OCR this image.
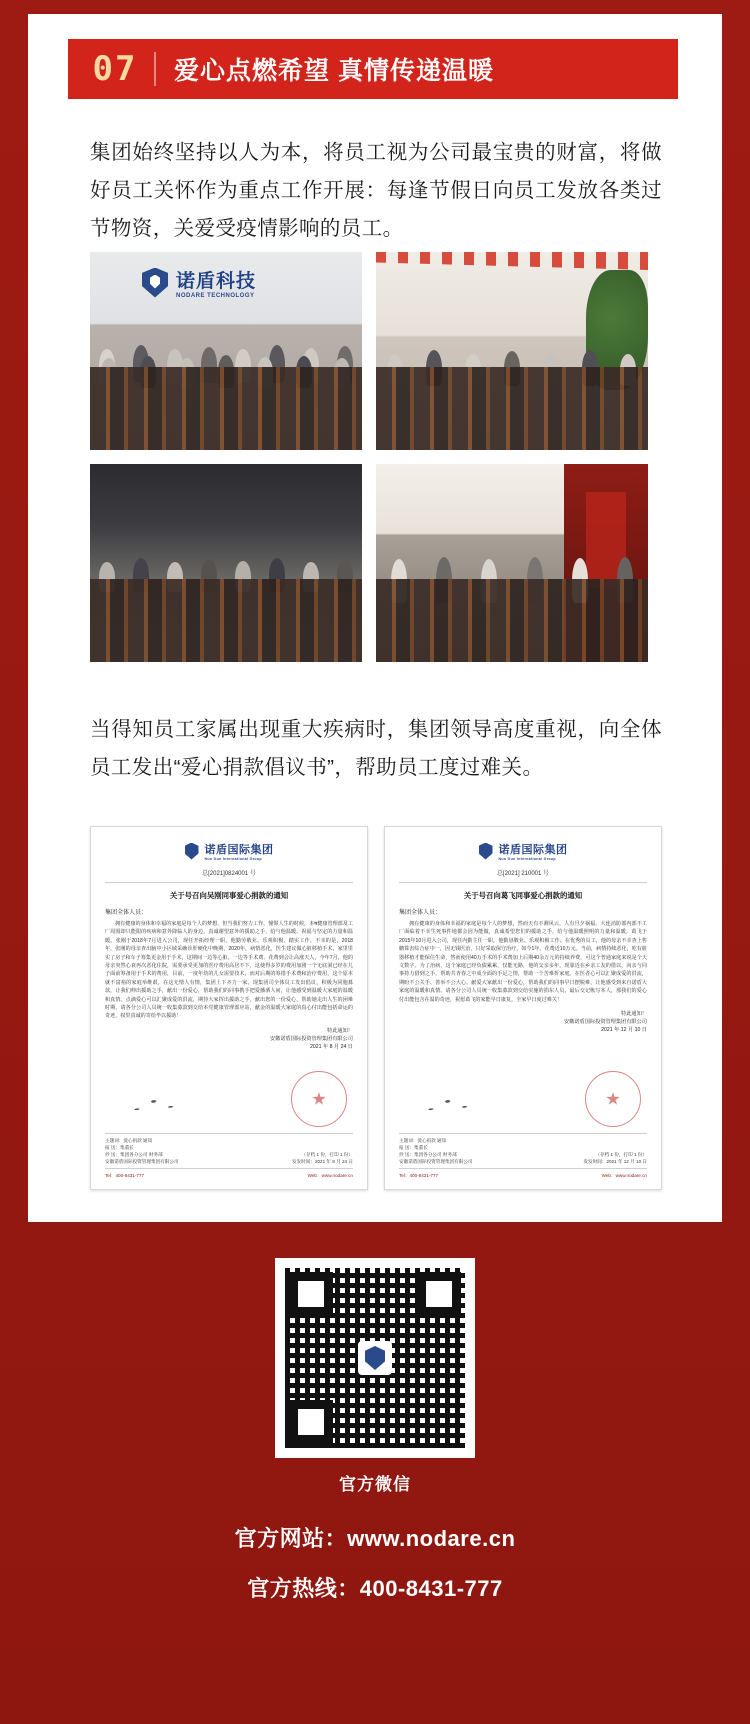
07	爱心点燃希望 真情传递温暖
集团始终坚持以人为本，将员工视为公司最宝贵的财富，将做好员工关怀作为重点工作开展：每逢节假日向员工发放各类过节物资，关爱受疫情影响的员工。
诺盾科技
NODARE TECHNOLOGY
当得知员工家属出现重大疾病时，集团领导高度重视，向全体员工发出“爱心捐款倡议书”，帮助员工度过难关。
诺盾国际集团
Nuo Dun International Group
总[2021]0824001 号
关于号召向吴刚同事爱心捐款的通知
集团全体人员：
拥有健康的身体和幸福的家庭是每个人的梦想，但当我们努力工作、憧憬人生的时候，本ष健康管理部及工厂周围却只能限的疾病和意外降临人的身边。真诚谢望意外的援助之手，给与他温暖、祝福与坚定的力量和温暖。张刚于2018年7月进入公司，现任开拓经理一职，他勤劳敬业、乐观积极、踏实工作。不幸的是，2018年，张刚的母亲查出脑中小区域采确诊肝硬化中晚期，2020年，病情恶化，医生建议做心脏移植手术，家里里实了房子和车子筹集更金用于手术，这期间一边等心脏、一边等手术费、花费到会让高涨天人，今年7月，他的母亲突然心衰再次恶化住院，需要承受更加的医疗费用高居不下，这使得多岁的费用加剧一个无底洞已经在儿子面前筹备用于手术的费用，目前，一度年幼的儿女需要技术，而对后期的筹措手术费和治疗费用，这个原本就不富裕的家庭举维艰。在这无情人有情，集团上下齐力一家，现集团司全体员工发出倡议，积极为同胞募款，让我们伸出援助之手，献出一份爱心，帮助我们的同事携手把爱播洒人间，让他感受到温暖大家庭的温暖和真情。点滴爱心可以汇聚成爱的洪流，期待大家挥出援助之手，献出您的一份爱心，帮助她走出人生的困难时期，请各分公司人员统一收集募款到交给本党健康管理部应站，献金的温暖大家庭的真心付出能包括命运的奇迹，权里真诚的寄给毕以援助！
特此通知！
安徽诺盾国际投资管理集团有限公司
2021 年 8 月 24 日
主题词：爱心捐款 通知
报 送：集董长
抄 送：集团各分公司 财务部	（存档 1 份，打印 1 份）
安徽诺盾国际投资管理集团有限公司	发发时间：2021 年 8 月 24 日
Tel：400-8431-777	Web：www.nodare.cn
诺盾国际集团
Nuo Dun International Group
总[2021] 210001 号
关于号召向葛飞同事爱心捐款的通知
集团全体人员：
拥有健康的身体和幸福的家庭是每个人的梦想，然而天有不测风云，人有旦夕祸福。大连消防部内部不工厂面临着不幸生死事件地都会因为能做，真诚希望您们的援助之手，给与他温暖照明的力量和温暖。葛飞于2015年10月进入公司，现任内勤主任一职，他勤恳敬业、乐观积极工作、在优秀的员工，他的母亲不幸查上售糖算害综合症中一，因无钱医治，只好采取保守治疗，如今1年，花费近10万元。当前，病情持续恶化，吃有脏器移植才能保住生命，然而使用40万手术的手术费加上后期40余万元的持续养费，可这个普通家庭来说是个天文数字。为了治病，这个家庭已经负债累累，仅能无路，他的父亲多年，现靠近在乡亲工友的借以，向亲与同事持力借到之手，帮助共青春之中成全面的手足之情，帮助一个苦难折家庭。在医者心可以汇聚成爱的洪流，期盼不公关手、善举不公大心、献爱大家献出一份爱心，帮助我们的同事早日摆脱难，让他感受到来自诺盾大家庭的温暖和真情。请各分公司人员统一收集募款到交给实施的捐东人员、最后交记帐写本人，那我们的爱心付出能包含在温的奇迹，祝愿葛飞的家能早日康复，全家早日度过难关！
特此通知！
安徽诺盾国际投资管理集团有限公司
2021 年 12 月 10 日
主题词：爱心捐款 通知
报 送：集董长
抄 送：集团各分公司 财务部	（存档 1 份，打印 1 份）
安徽诺盾国际投资管理集团有限公司	发发时间：2021 年 12 月 10 日
Tel：400-8431-777	Web：www.nodare.cn
官方微信
官方网站：www.nodare.cn
官方热线：400-8431-777
